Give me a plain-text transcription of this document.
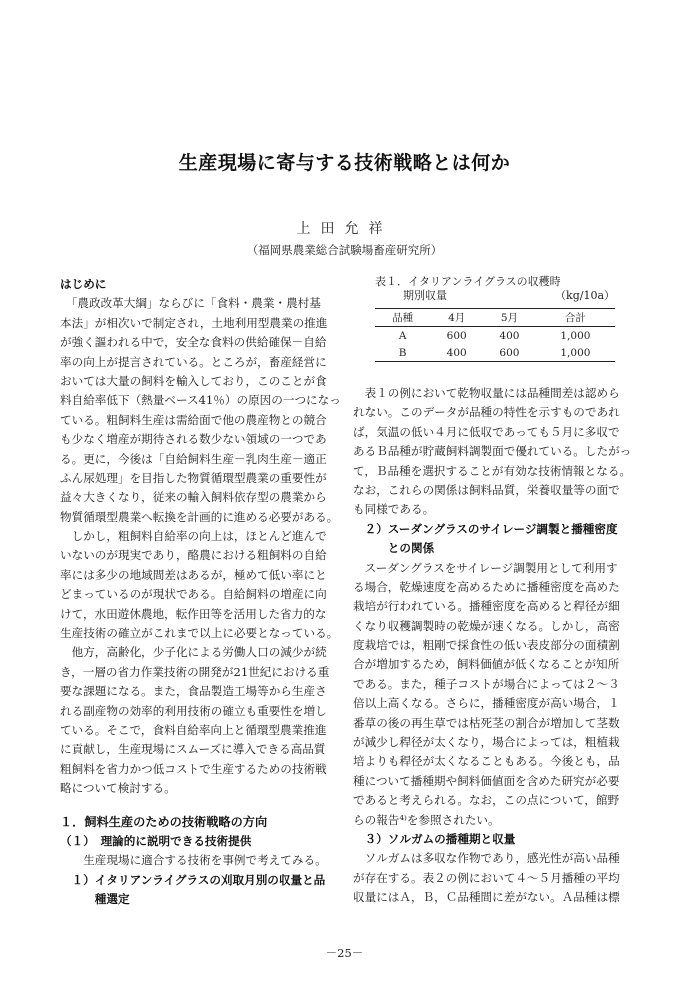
生産現場に寄与する技術戦略とは何か
上田允祥
（福岡県農業総合試験場畜産研究所）
はじめに
　「農政改革大綱」ならびに「食料・農業・農村基
本法」が相次いで制定され，土地利用型農業の推進
が強く謳われる中で，安全な食料の供給確保－自給
率の向上が提言されている。ところが，畜産経営に
おいては大量の飼料を輸入しており，このことが食
料自給率低下（熱量ベース41％）の原因の一つになっ
ている。粗飼料生産は需給面で他の農産物との競合
も少なく増産が期待される数少ない領域の一つであ
る。更に，今後は「自給飼料生産－乳肉生産－適正
ふん尿処理」を目指した物質循環型農業の重要性が
益々大きくなり，従来の輸入飼料依存型の農業から
物質循環型農業へ転換を計画的に進める必要がある。
　しかし，粗飼料自給率の向上は，ほとんど進んで
いないのが現実であり，酪農における粗飼料の自給
率には多少の地域間差はあるが，極めて低い率にと
どまっているのが現状である。自給飼料の増産に向
けて，水田遊休農地，転作田等を活用した省力的な
生産技術の確立がこれまで以上に必要となっている。
　他方，高齢化，少子化による労働人口の減少が続
き，一層の省力作業技術の開発が21世紀における重
要な課題になる。また，食品製造工場等から生産さ
れる副産物の効率的利用技術の確立も重要性を増し
ている。そこで，食料自給率向上と循環型農業推進
に貢献し，生産現場にスムーズに導入できる高品質
粗飼料を省力かつ低コストで生産するための技術戦
略について検討する。
１．飼料生産のための技術戦略の方向
（１）　理論的に説明できる技術提供
　　生産現場に適合する技術を事例で考えてみる。
　１）イタリアンライグラスの刈取月別の収量と品
　　　種選定
表１．イタリアンライグラスの収穫時
期別収量	（kg/10a）
品種	4月	5月	合計
A	600	400	1,000
B	400	600	1,000
　表１の例において乾物収量には品種間差は認めら
れない。このデータが品種の特性を示すものであれ
ば，気温の低い４月に低収であっても５月に多収で
あるＢ品種が貯蔵飼料調製面で優れている。したがっ
て，Ｂ品種を選択することが有効な技術情報となる。
なお，これらの関係は飼料品質，栄養収量等の面で
も同様である。
　２）スーダングラスのサイレージ調製と播種密度
　　　との関係
　スーダングラスをサイレージ調製用として利用す
る場合，乾燥速度を高めるために播種密度を高めた
栽培が行われている。播種密度を高めると稈径が細
くなり収穫調製時の乾燥が速くなる。しかし，高密
度栽培では，粗剛で採食性の低い表皮部分の面積割
合が増加するため，飼料価値が低くなることが知所
である。また，種子コストが場合によっては２～３
倍以上高くなる。さらに，播種密度が高い場合，１
番草の後の再生草では枯死茎の割合が増加して茎数
が減少し稈径が太くなり，場合によっては，粗植栽
培よりも稈径が太くなることもある。今後とも，品
種について播種期や飼料価値面を含めた研究が必要
であると考えられる。なお，この点について，館野
らの報告⁴⁾を参照されたい。
　３）ソルガムの播種期と収量
　ソルガムは多収な作物であり，感光性が高い品種
が存在する。表２の例において４～５月播種の平均
収量にはＡ，Ｂ，Ｃ品種間に差がない。Ａ品種は標
－25－
